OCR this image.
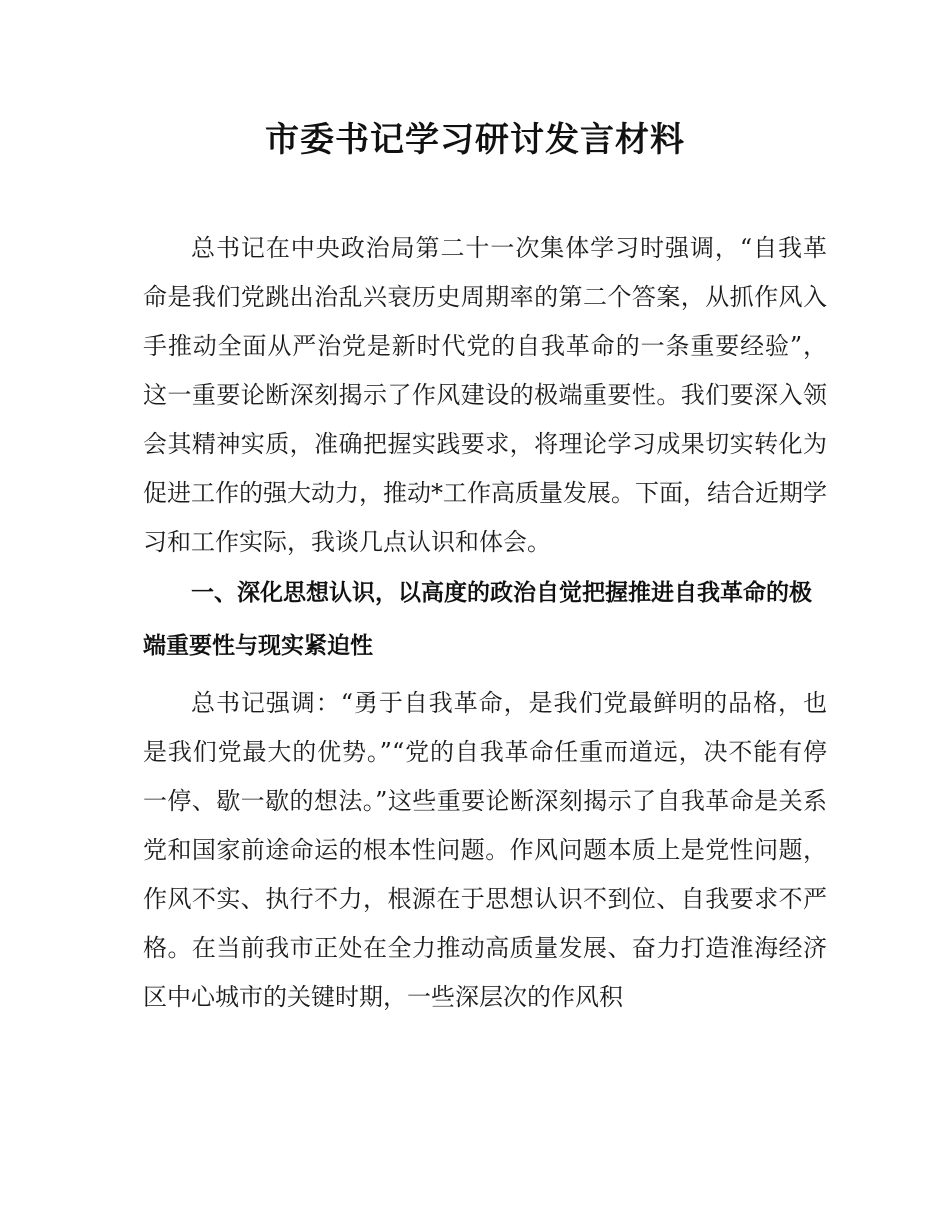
市委书记学习研讨发言材料

总书记在中央政治局第二十一次集体学习时强调，“自我革命是我们党跳出治乱兴衰历史周期率的第二个答案，从抓作风入手推动全面从严治党是新时代党的自我革命的一条重要经验”，这一重要论断深刻揭示了作风建设的极端重要性。我们要深入领会其精神实质，准确把握实践要求，将理论学习成果切实转化为促进工作的强大动力，推动*工作高质量发展。下面，结合近期学习和工作实际，我谈几点认识和体会。

一、深化思想认识，以高度的政治自觉把握推进自我革命的极端重要性与现实紧迫性

总书记强调：“勇于自我革命，是我们党最鲜明的品格，也是我们党最大的优势。”“党的自我革命任重而道远，决不能有停一停、歇一歇的想法。”这些重要论断深刻揭示了自我革命是关系党和国家前途命运的根本性问题。作风问题本质上是党性问题，作风不实、执行不力，根源在于思想认识不到位、自我要求不严格。在当前我市正处在全力推动高质量发展、奋力打造淮海经济区中心城市的关键时期，一些深层次的作风积
